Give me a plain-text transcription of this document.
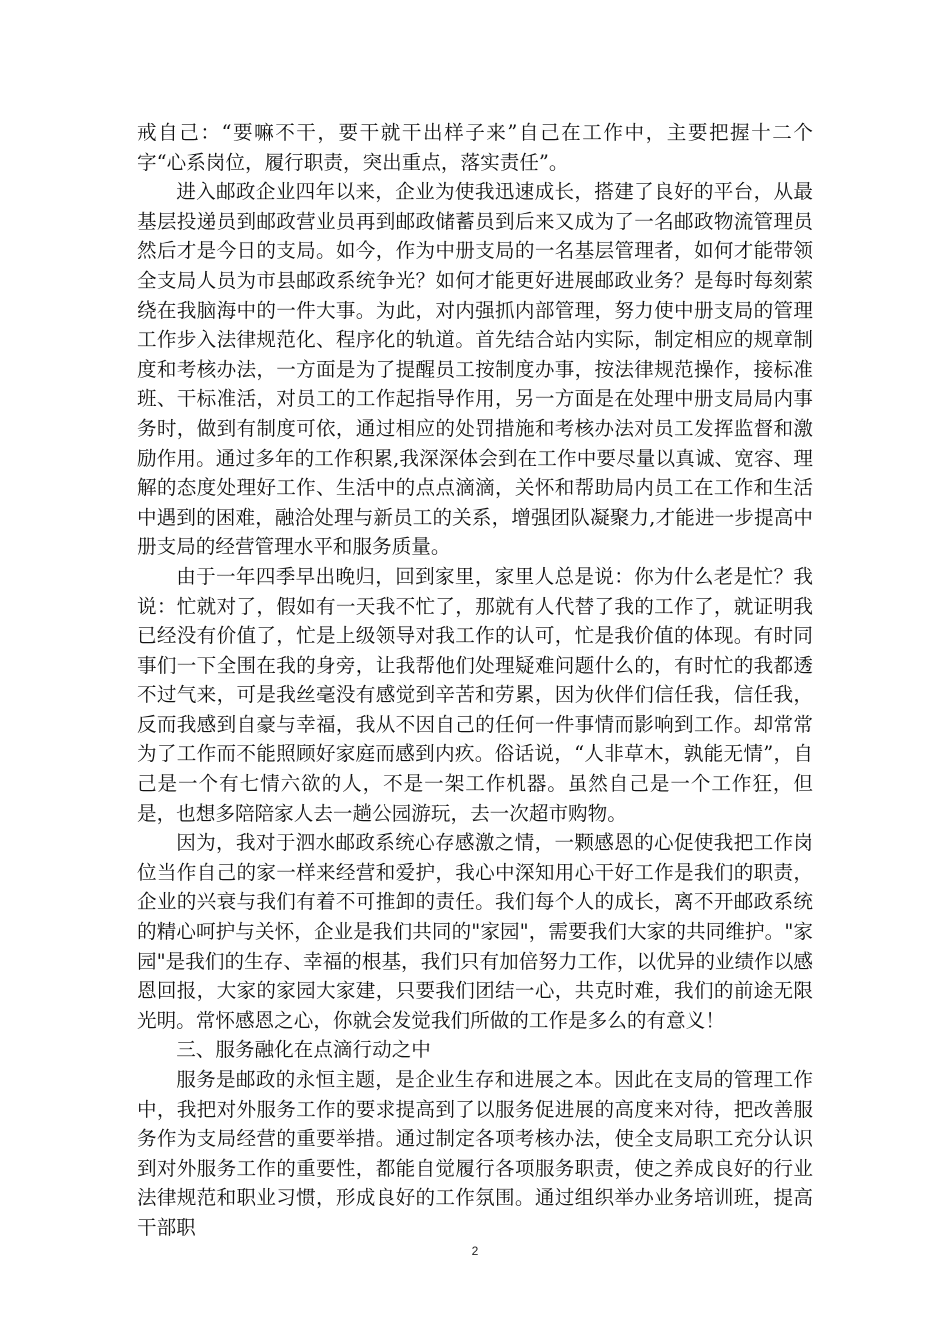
戒自己：“要嘛不干，要干就干出样子来”自己在工作中，主要把握十二个字“心系岗位，履行职责，突出重点，落实责任”。

进入邮政企业四年以来，企业为使我迅速成长，搭建了良好的平台，从最基层投递员到邮政营业员再到邮政储蓄员到后来又成为了一名邮政物流管理员然后才是今日的支局。如今，作为中册支局的一名基层管理者，如何才能带领全支局人员为市县邮政系统争光？如何才能更好进展邮政业务？是每时每刻萦绕在我脑海中的一件大事。为此，对内强抓内部管理，努力使中册支局的管理工作步入法律规范化、程序化的轨道。首先结合站内实际，制定相应的规章制度和考核办法，一方面是为了提醒员工按制度办事，按法律规范操作，接标准班、干标准活，对员工的工作起指导作用，另一方面是在处理中册支局局内事务时，做到有制度可依，通过相应的处罚措施和考核办法对员工发挥监督和激励作用。通过多年的工作积累,我深深体会到在工作中要尽量以真诚、宽容、理解的态度处理好工作、生活中的点点滴滴，关怀和帮助局内员工在工作和生活中遇到的困难，融洽处理与新员工的关系，增强团队凝聚力,才能进一步提高中册支局的经营管理水平和服务质量。

由于一年四季早出晚归，回到家里，家里人总是说：你为什么老是忙？我说：忙就对了，假如有一天我不忙了，那就有人代替了我的工作了，就证明我已经没有价值了，忙是上级领导对我工作的认可，忙是我价值的体现。有时同事们一下全围在我的身旁，让我帮他们处理疑难问题什么的，有时忙的我都透不过气来，可是我丝毫没有感觉到辛苦和劳累，因为伙伴们信任我，信任我，反而我感到自豪与幸福，我从不因自己的任何一件事情而影响到工作。却常常为了工作而不能照顾好家庭而感到内疚。俗话说，“人非草木，孰能无情”，自己是一个有七情六欲的人，不是一架工作机器。虽然自己是一个工作狂，但是，也想多陪陪家人去一趟公园游玩，去一次超市购物。

因为，我对于泗水邮政系统心存感激之情，一颗感恩的心促使我把工作岗位当作自己的家一样来经营和爱护，我心中深知用心干好工作是我们的职责，企业的兴衰与我们有着不可推卸的责任。我们每个人的成长，离不开邮政系统的精心呵护与关怀，企业是我们共同的"家园"，需要我们大家的共同维护。"家园"是我们的生存、幸福的根基，我们只有加倍努力工作，以优异的业绩作以感恩回报，大家的家园大家建，只要我们团结一心，共克时难，我们的前途无限光明。常怀感恩之心，你就会发觉我们所做的工作是多么的有意义！

三、服务融化在点滴行动之中

服务是邮政的永恒主题，是企业生存和进展之本。因此在支局的管理工作中，我把对外服务工作的要求提高到了以服务促进展的高度来对待，把改善服务作为支局经营的重要举措。通过制定各项考核办法，使全支局职工充分认识到对外服务工作的重要性，都能自觉履行各项服务职责，使之养成良好的行业法律规范和职业习惯，形成良好的工作氛围。通过组织举办业务培训班，提高干部职

2
